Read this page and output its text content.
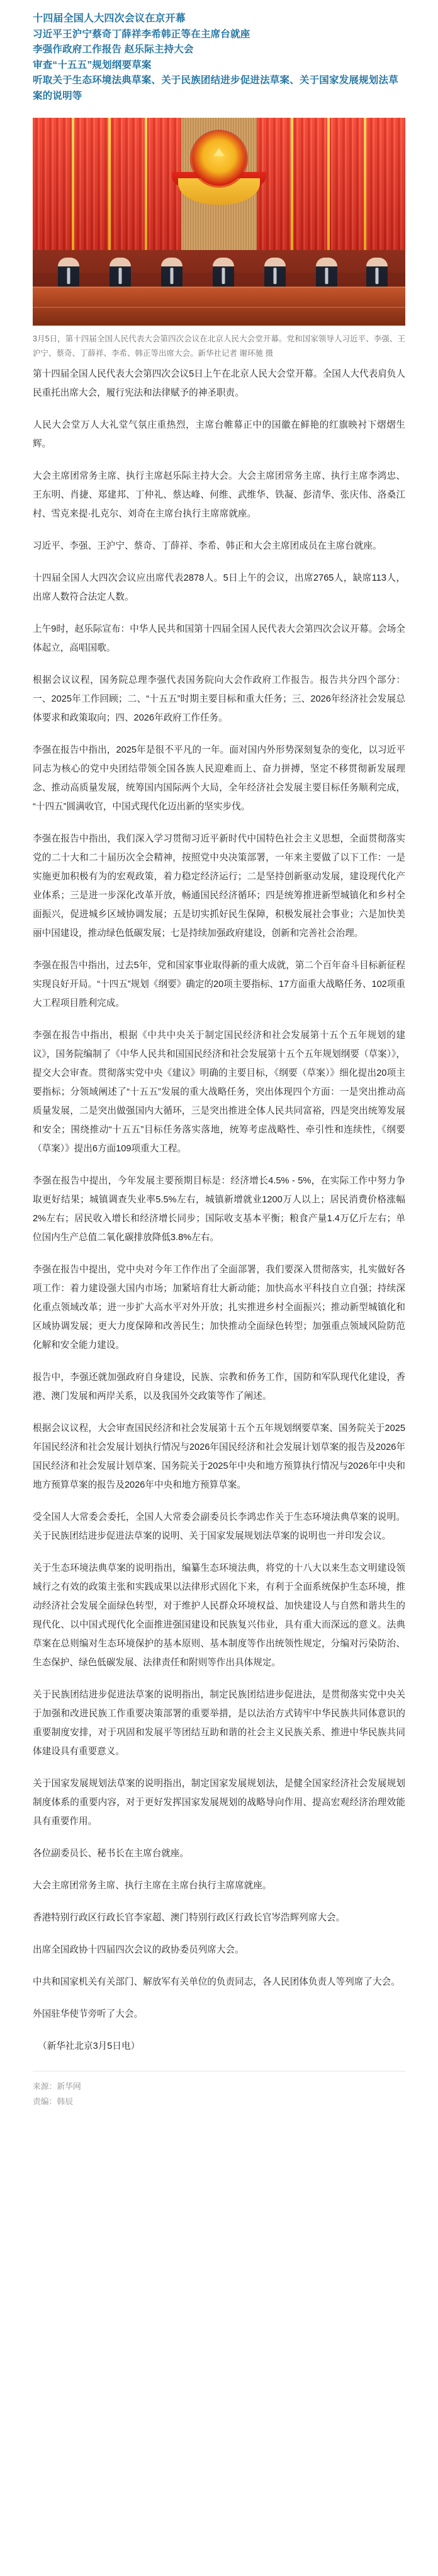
十四届全国人大四次会议在京开幕
习近平王沪宁蔡奇丁薛祥李希韩正等在主席台就座
李强作政府工作报告 赵乐际主持大会
审查“十五五”规划纲要草案
听取关于生态环境法典草案、关于民族团结进步促进法草案、关于国家发展规划法草案的说明等
3月5日，第十四届全国人民代表大会第四次会议在北京人民大会堂开幕。党和国家领导人习近平、李强、王沪宁、蔡奇、丁薛祥、李希、韩正等出席大会。新华社记者 谢环驰 摄

第十四届全国人民代表大会第四次会议5日上午在北京人民大会堂开幕。全国人大代表肩负人民重托出席大会，履行宪法和法律赋予的神圣职责。

人民大会堂万人大礼堂气氛庄重热烈，主席台帷幕正中的国徽在鲜艳的红旗映衬下熠熠生辉。

大会主席团常务主席、执行主席赵乐际主持大会。大会主席团常务主席、执行主席李鸿忠、王东明、肖捷、郑建邦、丁仲礼、蔡达峰、何维、武维华、铁凝、彭清华、张庆伟、洛桑江村、雪克来提·扎克尔、刘奇在主席台执行主席席就座。

习近平、李强、王沪宁、蔡奇、丁薛祥、李希、韩正和大会主席团成员在主席台就座。

十四届全国人大四次会议应出席代表2878人。5日上午的会议，出席2765人，缺席113人，出席人数符合法定人数。

上午9时，赵乐际宣布：中华人民共和国第十四届全国人民代表大会第四次会议开幕。会场全体起立，高唱国歌。

根据会议议程，国务院总理李强代表国务院向大会作政府工作报告。报告共分四个部分：一、2025年工作回顾；二、“十五五”时期主要目标和重大任务；三、2026年经济社会发展总体要求和政策取向；四、2026年政府工作任务。

李强在报告中指出，2025年是很不平凡的一年。面对国内外形势深刻复杂的变化，以习近平同志为核心的党中央团结带领全国各族人民迎难而上、奋力拼搏，坚定不移贯彻新发展理念、推动高质量发展，统筹国内国际两个大局，全年经济社会发展主要目标任务顺利完成，“十四五”圆满收官，中国式现代化迈出新的坚实步伐。

李强在报告中指出，我们深入学习贯彻习近平新时代中国特色社会主义思想，全面贯彻落实党的二十大和二十届历次全会精神，按照党中央决策部署，一年来主要做了以下工作：一是实施更加积极有为的宏观政策，着力稳定经济运行；二是坚持创新驱动发展，建设现代化产业体系；三是进一步深化改革开放，畅通国民经济循环；四是统筹推进新型城镇化和乡村全面振兴，促进城乡区域协调发展；五是切实抓好民生保障，积极发展社会事业；六是加快美丽中国建设，推动绿色低碳发展；七是持续加强政府建设，创新和完善社会治理。

李强在报告中指出，过去5年，党和国家事业取得新的重大成就，第二个百年奋斗目标新征程实现良好开局。“十四五”规划《纲要》确定的20项主要指标、17方面重大战略任务、102项重大工程项目胜利完成。

李强在报告中指出，根据《中共中央关于制定国民经济和社会发展第十五个五年规划的建议》，国务院编制了《中华人民共和国国民经济和社会发展第十五个五年规划纲要（草案）》，提交大会审查。贯彻落实党中央《建议》明确的主要目标，《纲要（草案）》细化提出20项主要指标；分领域阐述了“十五五”发展的重大战略任务，突出体现四个方面：一是突出推动高质量发展，二是突出做强国内大循环，三是突出推进全体人民共同富裕，四是突出统筹发展和安全；围绕推动“十五五”目标任务落实落地，统筹考虑战略性、牵引性和连续性，《纲要（草案）》提出6方面109项重大工程。

李强在报告中提出，今年发展主要预期目标是：经济增长4.5% - 5%，在实际工作中努力争取更好结果；城镇调查失业率5.5%左右，城镇新增就业1200万人以上；居民消费价格涨幅2%左右；居民收入增长和经济增长同步；国际收支基本平衡；粮食产量1.4万亿斤左右；单位国内生产总值二氧化碳排放降低3.8%左右。

李强在报告中提出，党中央对今年工作作出了全面部署，我们要深入贯彻落实，扎实做好各项工作：着力建设强大国内市场；加紧培育壮大新动能；加快高水平科技自立自强；持续深化重点领域改革；进一步扩大高水平对外开放；扎实推进乡村全面振兴；推动新型城镇化和区域协调发展；更大力度保障和改善民生；加快推动全面绿色转型；加强重点领域风险防范化解和安全能力建设。

报告中，李强还就加强政府自身建设，民族、宗教和侨务工作，国防和军队现代化建设，香港、澳门发展和两岸关系，以及我国外交政策等作了阐述。

根据会议议程，大会审查国民经济和社会发展第十五个五年规划纲要草案、国务院关于2025年国民经济和社会发展计划执行情况与2026年国民经济和社会发展计划草案的报告及2026年国民经济和社会发展计划草案、国务院关于2025年中央和地方预算执行情况与2026年中央和地方预算草案的报告及2026年中央和地方预算草案。

受全国人大常委会委托，全国人大常委会副委员长李鸿忠作关于生态环境法典草案的说明。关于民族团结进步促进法草案的说明、关于国家发展规划法草案的说明也一并印发会议。

关于生态环境法典草案的说明指出，编纂生态环境法典，将党的十八大以来生态文明建设领域行之有效的政策主张和实践成果以法律形式固化下来，有利于全面系统保护生态环境，推动经济社会发展全面绿色转型，对于维护人民群众环境权益、加快建设人与自然和谐共生的现代化、以中国式现代化全面推进强国建设和民族复兴伟业，具有重大而深远的意义。法典草案在总则编对生态环境保护的基本原则、基本制度等作出统领性规定，分编对污染防治、生态保护、绿色低碳发展、法律责任和附则等作出具体规定。

关于民族团结进步促进法草案的说明指出，制定民族团结进步促进法，是贯彻落实党中央关于加强和改进民族工作重要决策部署的重要举措，是以法治方式铸牢中华民族共同体意识的重要制度安排，对于巩固和发展平等团结互助和谐的社会主义民族关系、推进中华民族共同体建设具有重要意义。

关于国家发展规划法草案的说明指出，制定国家发展规划法，是健全国家经济社会发展规划制度体系的重要内容，对于更好发挥国家发展规划的战略导向作用、提高宏观经济治理效能具有重要作用。

各位副委员长、秘书长在主席台就座。

大会主席团常务主席、执行主席在主席台执行主席席就座。

香港特别行政区行政长官李家超、澳门特别行政区行政长官岑浩辉列席大会。

出席全国政协十四届四次会议的政协委员列席大会。

中共和国家机关有关部门、解放军有关单位的负责同志，各人民团体负责人等列席了大会。

外国驻华使节旁听了大会。

（新华社北京3月5日电）

来源：新华网
责编：韩辰
